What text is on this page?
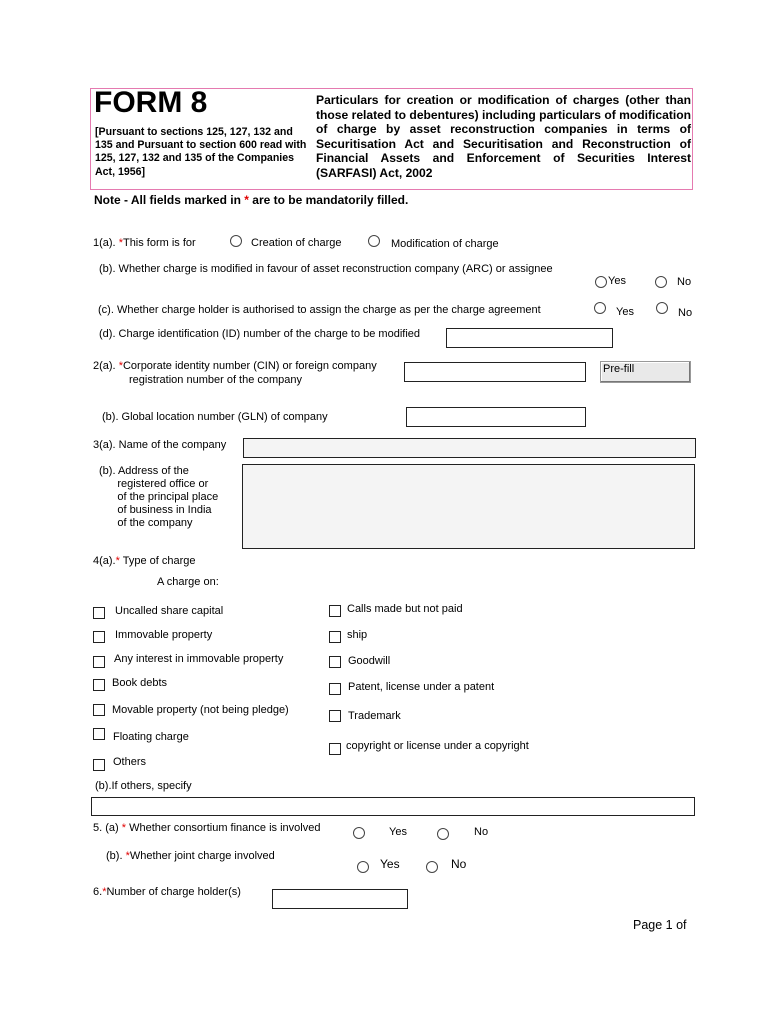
FORM 8
[Pursuant to sections 125, 127, 132 and 135 and Pursuant to section 600 read with 125, 127, 132 and 135 of the Companies Act, 1956]
Particulars for creation or modification of charges (other than those related to debentures) including particulars of modification of charge by asset reconstruction companies in terms of Securitisation Act and Securitisation and Reconstruction of Financial Assets and Enforcement of Securities Interest (SARFASI) Act, 2002
Note - All fields marked in * are to be mandatorily filled.
1(a). *This form is for	Creation of charge	Modification of charge
(b). Whether charge is modified in favour of asset reconstruction company (ARC) or assignee
Yes	No
(c). Whether charge holder is authorised to assign the charge as per the charge agreement	Yes	No
(d). Charge identification (ID) number of the charge to be modified
2(a). *Corporate identity number (CIN) or foreign company
registration number of the company
Pre-fill
(b). Global location number (GLN) of company
3(a). Name of the company
(b). Address of the
registered office or
of the principal place
of business in India
of the company
4(a).* Type of charge
A charge on:
Uncalled share capital
Immovable property
Any interest in immovable property
Book debts
Movable property (not being pledge)
Floating charge
Others
Calls made but not paid
ship
Goodwill
Patent, license under a patent
Trademark
copyright or license under a copyright
(b).If others, specify
5. (a) * Whether consortium finance is involved	Yes	No
(b). *Whether joint charge involved
Yes	No
6.*Number of charge holder(s)
Page 1 of
